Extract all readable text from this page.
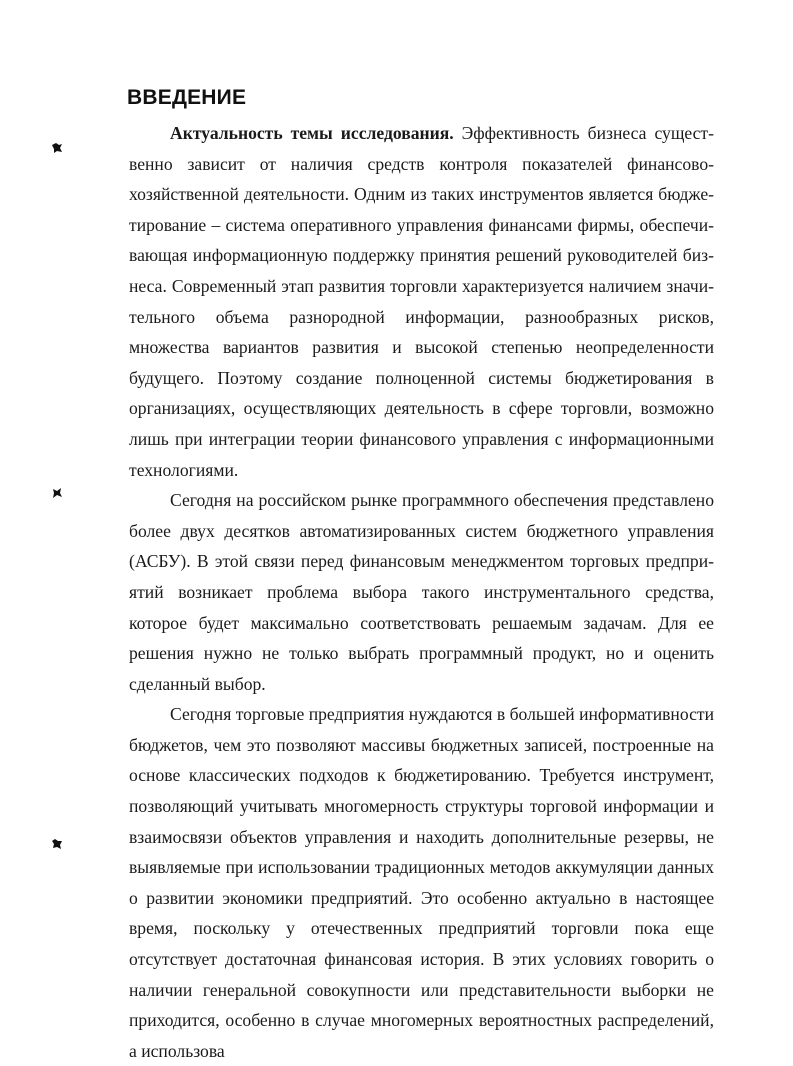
ВВЕДЕНИЕ

Актуальность темы исследования. Эффективность бизнеса существенно зависит от наличия средств контроля показателей финансово-хозяйственной деятельности. Одним из таких инструментов является бюджетирование – система оперативного управления финансами фирмы, обеспечивающая информационную поддержку принятия решений руководителей бизнеса. Современный этап развития торговли характеризуется наличием значительного объема разнородной информации, разнообразных рисков, множества вариантов развития и высокой степенью неопределенности будущего. Поэтому создание полноценной системы бюджетирования в организациях, осуществляющих деятельность в сфере торговли, возможно лишь при интеграции теории финансового управления с информационными технологиями.

Сегодня на российском рынке программного обеспечения представлено более двух десятков автоматизированных систем бюджетного управления (АСБУ). В этой связи перед финансовым менеджментом торговых предприятий возникает проблема выбора такого инструментального средства, которое будет максимально соответствовать решаемым задачам. Для ее решения нужно не только выбрать программный продукт, но и оценить сделанный выбор.

Сегодня торговые предприятия нуждаются в большей информативности бюджетов, чем это позволяют массивы бюджетных записей, построенные на основе классических подходов к бюджетированию. Требуется инструмент, позволяющий учитывать многомерность структуры торговой информации и взаимосвязи объектов управления и находить дополнительные резервы, не выявляемые при использовании традиционных методов аккумуляции данных о развитии экономики предприятий. Это особенно актуально в настоящее время, поскольку у отечественных предприятий торговли пока еще отсутствует достаточная финансовая история. В этих условиях говорить о наличии генеральной совокупности или представительности выборки не приходится, особенно в случае многомерных вероятностных распределений, а использова
